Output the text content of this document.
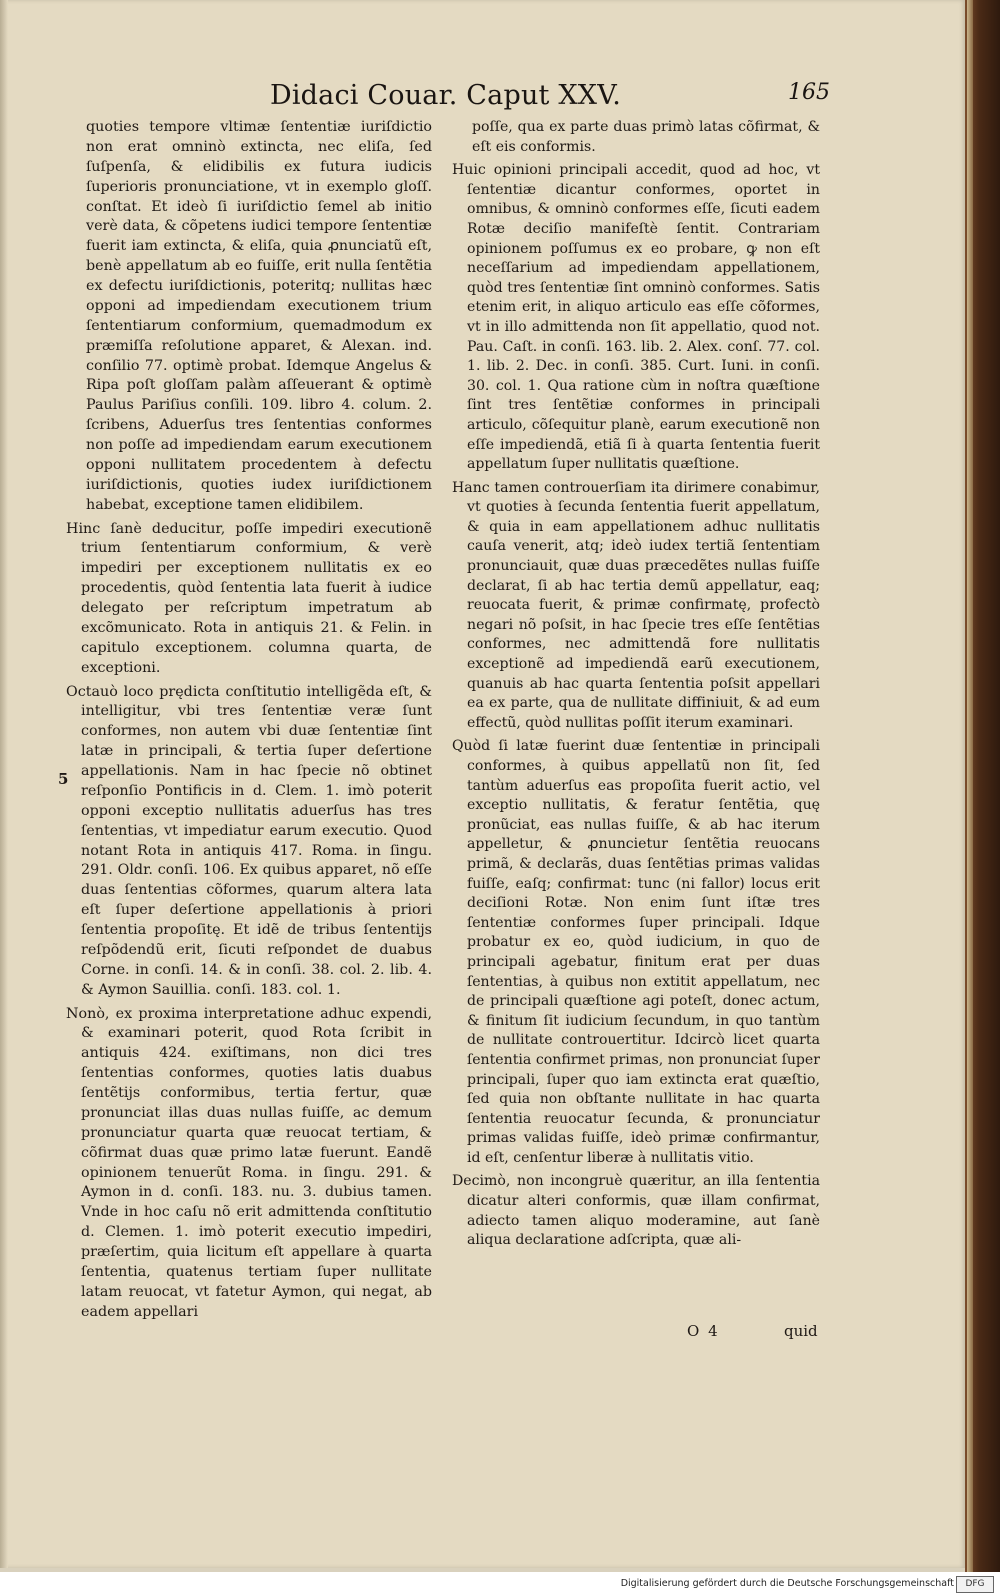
Didaci Couar. Caput XXV.	165

quoties tempore vltimæ ſententiæ iuriſdictio non erat omninò extincta, nec eliſa, ſed ſuſpenſa, & elidibilis ex futura iudicis ſuperioris pronunciatione, vt in exemplo gloſſ. conſtat. Et ideò ſi iuriſdictio ſemel ab initio verè data, & cõpetens iudici tempore ſententiæ fuerit iam extincta, & eliſa, quia ꝓnunciatũ eſt, benè appellatum ab eo fuiſſe, erit nulla ſentẽtia ex defectu iuriſdictionis, poteritq; nullitas hæc opponi ad impediendam executionem trium ſententiarum conformium, quemadmodum ex præmiſſa reſolutione apparet, & Alexan. ind. conſilio 77. optimè probat. Idemque Angelus & Ripa poſt gloſſam palàm aſſeuerant & optimè Paulus Pariſius conſili. 109. libro 4. colum. 2. ſcribens, Aduerſus tres ſententias conformes non poſſe ad impediendam earum executionem opponi nullitatem procedentem à defectu iuriſdictionis, quoties iudex iuriſdictionem habebat, exceptione tamen elidibilem.

Hinc ſanè deducitur, poſſe impediri executionẽ trium ſententiarum conformium, & verè impediri per exceptionem nullitatis ex eo procedentis, quòd ſententia lata fuerit à iudice delegato per reſcriptum impetratum ab excõmunicato. Rota in antiquis 21. & Felin. in capitulo exceptionem. columna quarta, de exceptioni.

Octauò loco prędicta conſtitutio intelligẽda eſt, & intelligitur, vbi tres ſententiæ veræ ſunt conformes, non autem vbi duæ ſententiæ ſint latæ in principali, & tertia ſuper deſertione appellationis. Nam in hac ſpecie nõ obtinet reſponſio Pontificis in d. Clem. 1. imò poterit opponi exceptio nullitatis aduerſus has tres ſententias, vt impediatur earum executio. Quod notant Rota in antiquis 417. Roma. in ſingu. 291. Oldr. conſi. 106. Ex quibus apparet, nõ eſſe duas ſententias cõformes, quarum altera lata eſt ſuper deſertione appellationis à priori ſententia propoſitę. Et idẽ de tribus ſententijs reſpõdendũ erit, ſicuti reſpondet de duabus Corne. in conſi. 14. & in conſi. 38. col. 2. lib. 4. & Aymon Sauillia. conſi. 183. col. 1.

Nonò, ex proxima interpretatione adhuc expendi, & examinari poterit, quod Rota ſcribit in antiquis 424. exiſtimans, non dici tres ſententias conformes, quoties latis duabus ſentẽtijs conformibus, tertia fertur, quæ pronunciat illas duas nullas fuiſſe, ac demum pronunciatur quarta quæ reuocat tertiam, & cõfirmat duas quæ primo latæ fuerunt. Eandẽ opinionem tenuerũt Roma. in ſingu. 291. & Aymon in d. conſi. 183. nu. 3. dubius tamen. Vnde in hoc caſu nõ erit admittenda conſtitutio d. Clemen. 1. imò poterit executio impediri, præſertim, quia licitum eſt appellare à quarta ſententia, quatenus tertiam ſuper nullitate latam reuocat, vt fatetur Aymon, qui negat, ab eadem appellari

5

poſſe, qua ex parte duas primò latas cõfirmat, & eſt eis conformis.

Huic opinioni principali accedit, quod ad hoc, vt ſententiæ dicantur conformes, oportet in omnibus, & omninò conformes eſſe, ſicuti eadem Rotæ deciſio manifeſtè ſentit. Contrariam opinionem poſſumus ex eo probare, ꝙ non eſt neceſſarium ad impediendam appellationem, quòd tres ſententiæ ſint omninò conformes. Satis etenim erit, in aliquo articulo eas eſſe cõformes, vt in illo admittenda non ſit appellatio, quod not. Pau. Caſt. in conſi. 163. lib. 2. Alex. conſ. 77. col. 1. lib. 2. Dec. in conſi. 385. Curt. Iuni. in conſi. 30. col. 1. Qua ratione cùm in noſtra quæſtione ſint tres ſentẽtiæ conformes in principali articulo, cõſequitur planè, earum executionẽ non eſſe impediendã, etiã ſi à quarta ſententia fuerit appellatum ſuper nullitatis quæſtione.

Hanc tamen controuerſiam ita dirimere conabimur, vt quoties à ſecunda ſententia fuerit appellatum, & quia in eam appellationem adhuc nullitatis cauſa venerit, atq; ideò iudex tertiã ſententiam pronunciauit, quæ duas præcedẽtes nullas fuiſſe declarat, ſi ab hac tertia demũ appellatur, eaq; reuocata fuerit, & primæ confirmatę, profectò negari nõ poſsit, in hac ſpecie tres eſſe ſentẽtias conformes, nec admittendã fore nullitatis exceptionẽ ad impediendã earũ executionem, quanuis ab hac quarta ſententia poſsit appellari ea ex parte, qua de nullitate diffiniuit, & ad eum effectũ, quòd nullitas poſſit iterum examinari.

Quòd ſi latæ fuerint duæ ſententiæ in principali conformes, à quibus appellatũ non ſit, ſed tantùm aduerſus eas propoſita fuerit actio, vel exceptio nullitatis, & feratur ſentẽtia, quę pronũciat, eas nullas fuiſſe, & ab hac iterum appelletur, & ꝓnuncietur ſentẽtia reuocans primã, & declarãs, duas ſentẽtias primas validas fuiſſe, eaſq; confirmat: tunc (ni fallor) locus erit deciſioni Rotæ. Non enim ſunt iſtæ tres ſententiæ conformes ſuper principali. Idque probatur ex eo, quòd iudicium, in quo de principali agebatur, finitum erat per duas ſententias, à quibus non extitit appellatum, nec de principali quæſtione agi poteſt, donec actum, & finitum ſit iudicium ſecundum, in quo tantùm de nullitate controuertitur. Idcircò licet quarta ſententia confirmet primas, non pronunciat ſuper principali, ſuper quo iam extincta erat quæſtio, ſed quia non obſtante nullitate in hac quarta ſententia reuocatur ſecunda, & pronunciatur primas validas fuiſſe, ideò primæ confirmantur, id eſt, cenſentur liberæ à nullitatis vitio.

Decimò, non incongruè quæritur, an illa ſententia dicatur alteri conformis, quæ illam confirmat, adiecto tamen aliquo moderamine, aut ſanè aliqua declaratione adſcripta, quæ ali-

O 4	quid
Digitalisierung gefördert durch die Deutsche Forschungsgemeinschaft	DFG
